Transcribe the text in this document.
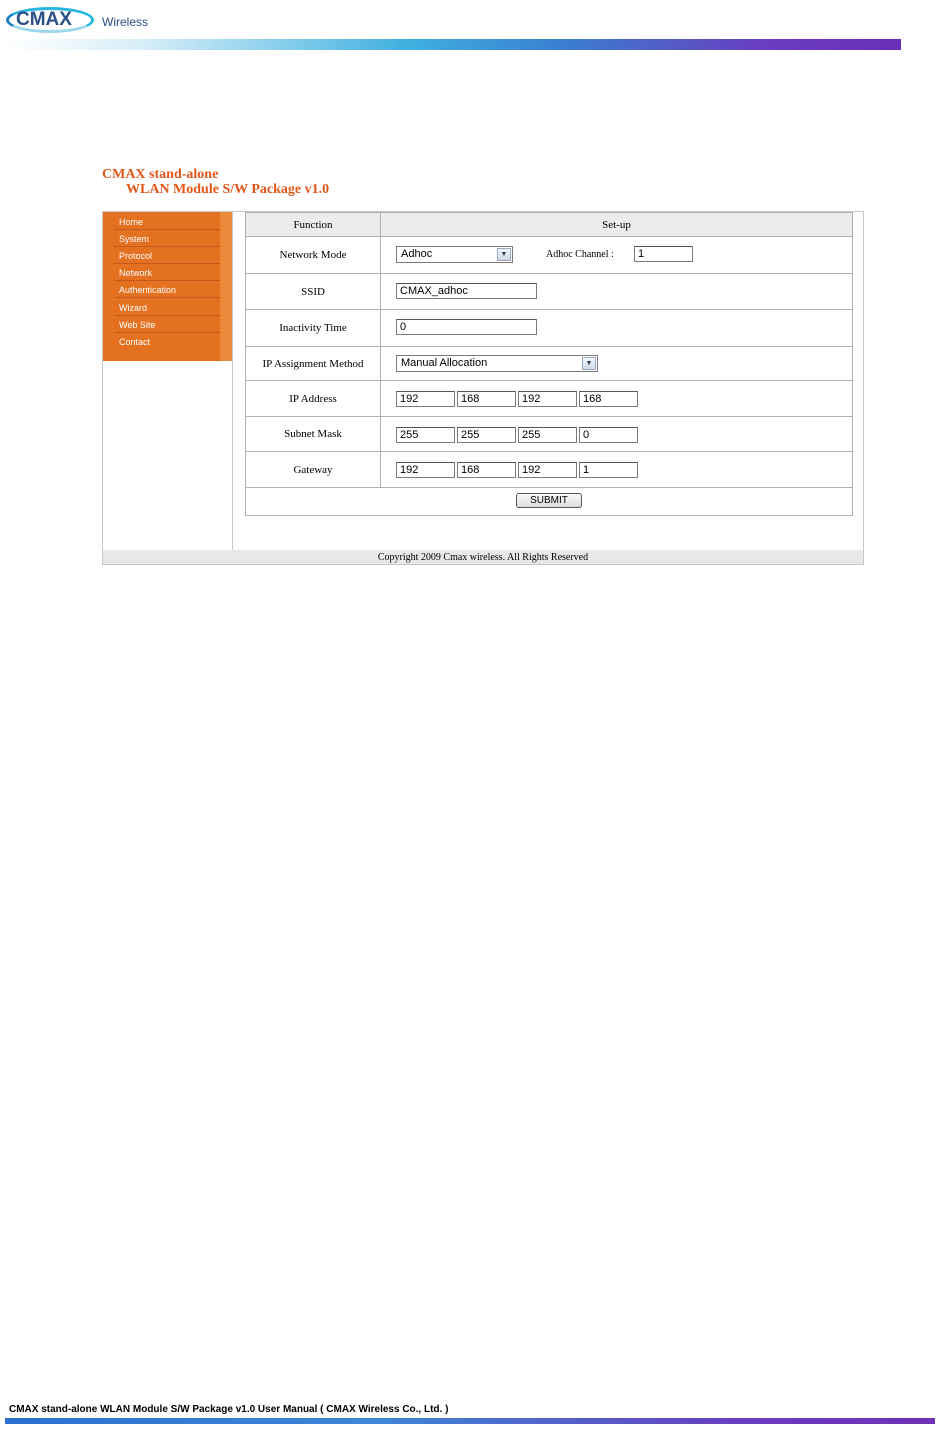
CMAX	Wireless
CMAX stand-alone
WLAN Module S/W Package v1.0
Home
System
Protocol
Network
Authentication
Wizard
Web Site
Contact
Function	Set-up
Network Mode	Adhoc	▼	Adhoc Channel :	1
SSID	CMAX_adhoc
Inactivity Time	0
IP Assignment Method	Manual Allocation	▼
IP Address	192	168	192	168
Subnet Mask	255	255	255	0
Gateway	192	168	192	1
SUBMIT
Copyright 2009 Cmax wireless. All Rights Reserved
CMAX stand-alone WLAN Module S/W Package v1.0 User Manual ( CMAX Wireless Co., Ltd. )
